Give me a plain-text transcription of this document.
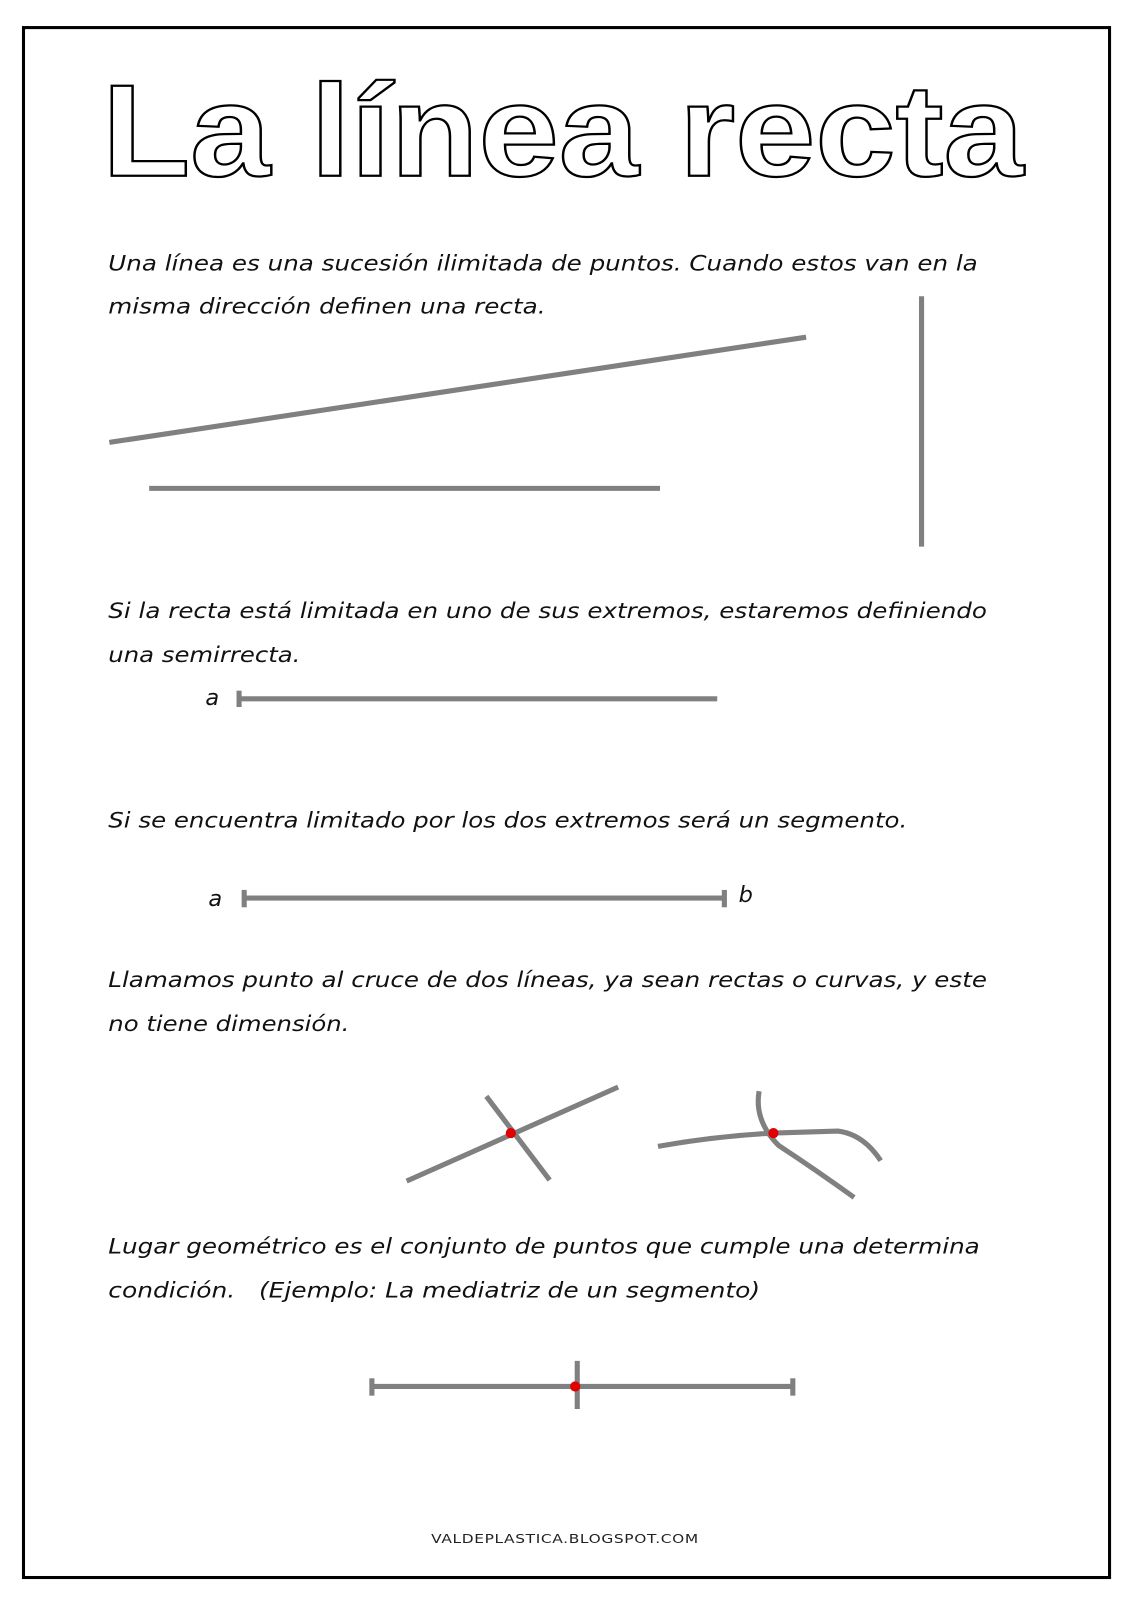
La línea recta
Una línea es una sucesión ilimitada de puntos. Cuando estos van en la
misma dirección definen una recta.
Si la recta está limitada en uno de sus extremos, estaremos definiendo
una semirrecta.
a
Si se encuentra limitado por los dos extremos será un segmento.
a	b
Llamamos punto al cruce de dos líneas, ya sean rectas o curvas, y este
no tiene dimensión.
Lugar geométrico es el conjunto de puntos que cumple una determina
condición.   (Ejemplo: La mediatriz de un segmento)
VALDEPLASTICA.BLOGSPOT.COM
